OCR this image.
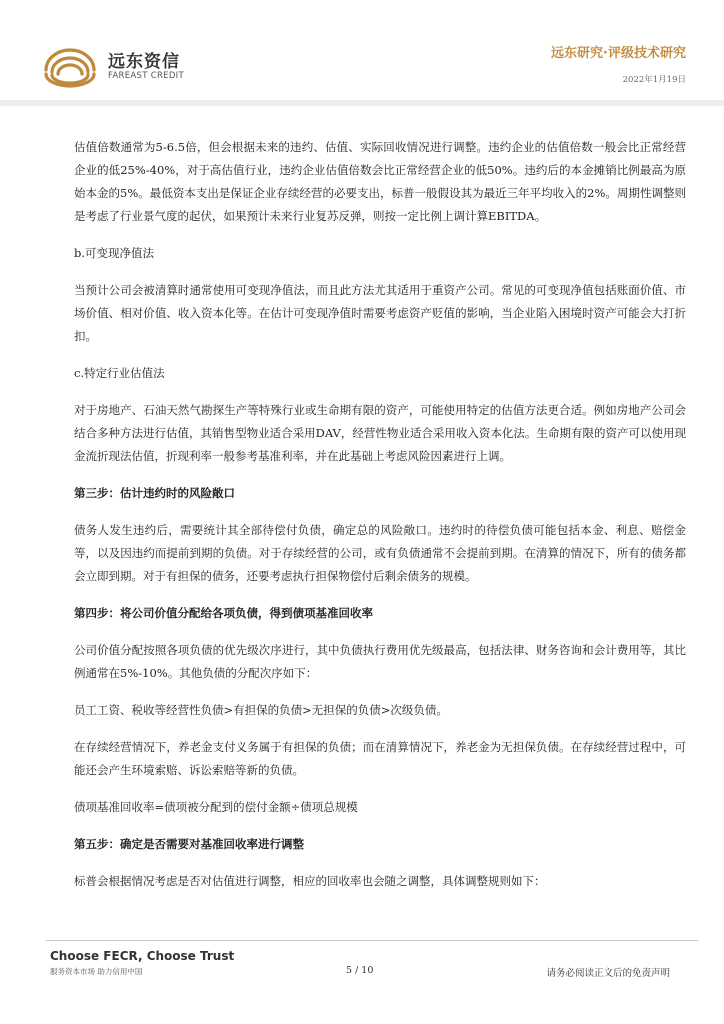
远东资信
FAREAST CREDIT
远东研究·评级技术研究
2022年1月19日

估值倍数通常为5-6.5倍，但会根据未来的违约、估值、实际回收情况进行调整。违约企业的估值倍数一般会比正常经营企业的低25%-40%，对于高估值行业，违约企业估值倍数会比正常经营企业的低50%。违约后的本金摊销比例最高为原始本金的5%。最低资本支出是保证企业存续经营的必要支出，标普一般假设其为最近三年平均收入的2%。周期性调整则是考虑了行业景气度的起伏，如果预计未来行业复苏反弹，则按一定比例上调计算EBITDA。

b.可变现净值法

当预计公司会被清算时通常使用可变现净值法，而且此方法尤其适用于重资产公司。常见的可变现净值包括账面价值、市场价值、相对价值、收入资本化等。在估计可变现净值时需要考虑资产贬值的影响，当企业陷入困境时资产可能会大打折扣。

c.特定行业估值法

对于房地产、石油天然气勘探生产等特殊行业或生命期有限的资产，可能使用特定的估值方法更合适。例如房地产公司会结合多种方法进行估值，其销售型物业适合采用DAV，经营性物业适合采用收入资本化法。生命期有限的资产可以使用现金流折现法估值，折现利率一般参考基准利率，并在此基础上考虑风险因素进行上调。

第三步：估计违约时的风险敞口

债务人发生违约后，需要统计其全部待偿付负债，确定总的风险敞口。违约时的待偿负债可能包括本金、利息、赔偿金等，以及因违约而提前到期的负债。对于存续经营的公司，或有负债通常不会提前到期。在清算的情况下，所有的债务都会立即到期。对于有担保的债务，还要考虑执行担保物偿付后剩余债务的规模。

第四步：将公司价值分配给各项负债，得到债项基准回收率

公司价值分配按照各项负债的优先级次序进行，其中负债执行费用优先级最高，包括法律、财务咨询和会计费用等，其比例通常在5%-10%。其他负债的分配次序如下：

员工工资、税收等经营性负债>有担保的负债>无担保的负债>次级负债。

在存续经营情况下，养老金支付义务属于有担保的负债；而在清算情况下，养老金为无担保负债。在存续经营过程中，可能还会产生环境索赔、诉讼索赔等新的负债。

债项基准回收率=债项被分配到的偿付金额÷债项总规模

第五步：确定是否需要对基准回收率进行调整

标普会根据情况考虑是否对估值进行调整，相应的回收率也会随之调整，具体调整规则如下：

Choose FECR, Choose Trust
服务资本市场 助力信用中国	5 / 10	请务必阅读正文后的免责声明
